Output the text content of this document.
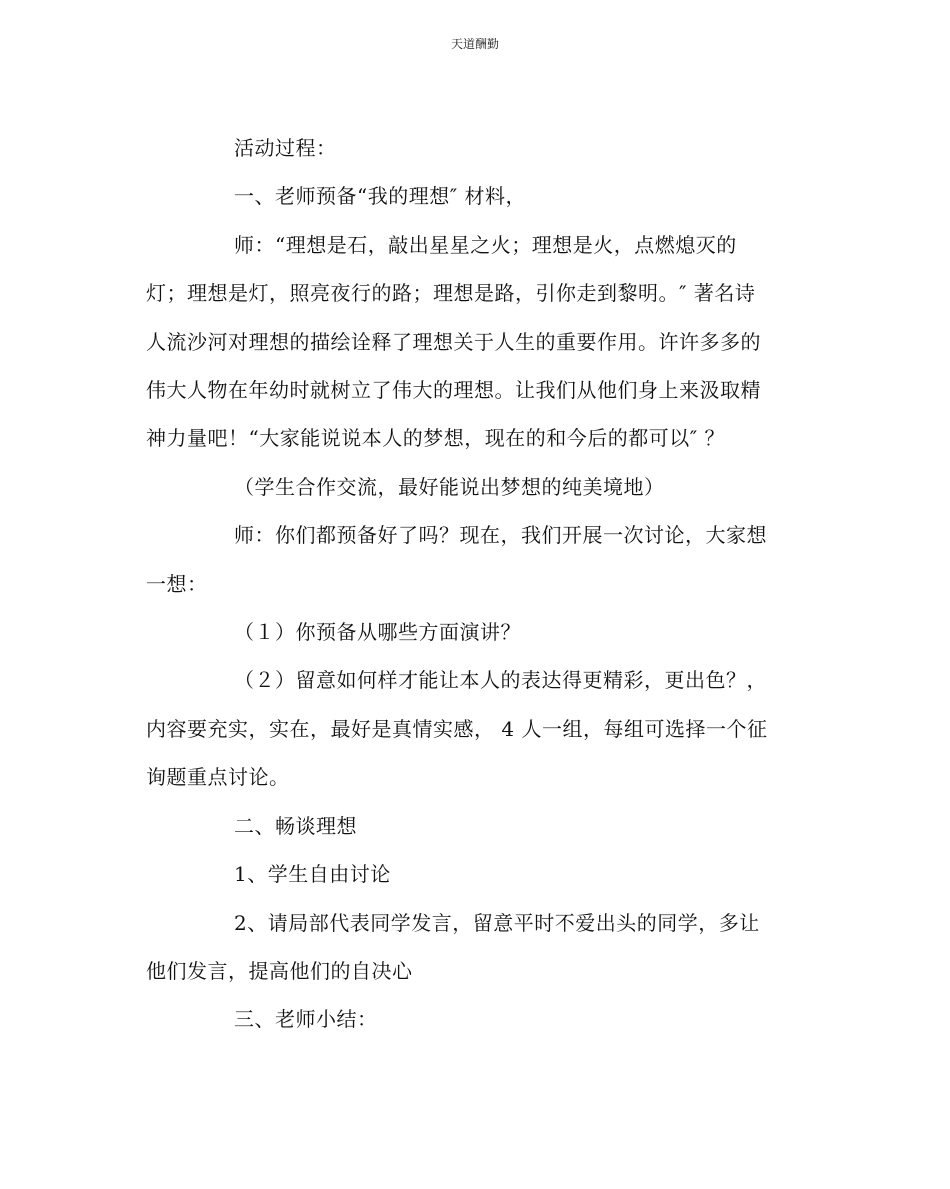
天道酬勤

活动过程：

一、老师预备“我的理想″ 材料，

师：“理想是石，敲出星星之火；理想是火，点燃熄灭的

灯；理想是灯，照亮夜行的路；理想是路，引你走到黎明。″ 著名诗

人流沙河对理想的描绘诠释了理想关于人生的重要作用。许许多多的

伟大人物在年幼时就树立了伟大的理想。让我们从他们身上来汲取精

神力量吧！“大家能说说本人的梦想，现在的和今后的都可以″ ？

（学生合作交流，最好能说出梦想的纯美境地）

师：你们都预备好了吗？现在，我们开展一次讨论，大家想

一想：

（１）你预备从哪些方面演讲？

（２）留意如何样才能让本人的表达得更精彩，更出色？，

内容要充实，实在，最好是真情实感， 4 人一组，每组可选择一个征

询题重点讨论。

二、畅谈理想

1、学生自由讨论

2、请局部代表同学发言，留意平时不爱出头的同学，多让

他们发言，提高他们的自决心

三、老师小结：
